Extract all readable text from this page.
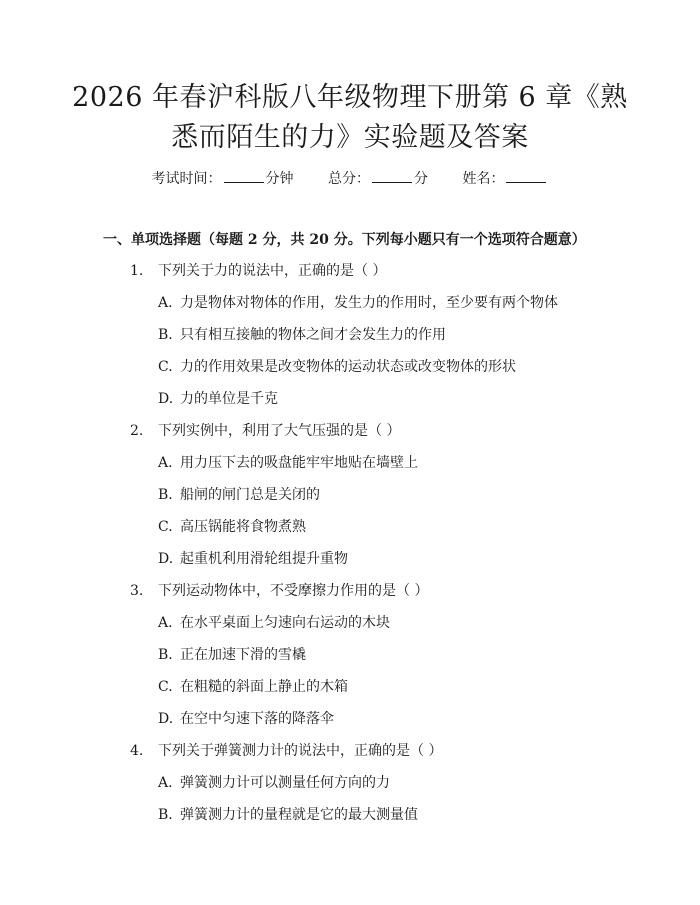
2026 年春沪科版八年级物理下册第 6 章《熟
悉而陌生的力》实验题及答案
考试时间：	分钟 总分：	分 姓名：
一、单项选择题（每题 2 分，共 20 分。下列每小题只有一个选项符合题意）
1. 下列关于力的说法中，正确的是（ ）
A. 力是物体对物体的作用，发生力的作用时，至少要有两个物体
B. 只有相互接触的物体之间才会发生力的作用
C. 力的作用效果是改变物体的运动状态或改变物体的形状
D. 力的单位是千克
2. 下列实例中，利用了大气压强的是（ ）
A. 用力压下去的吸盘能牢牢地贴在墙壁上
B. 船闸的闸门总是关闭的
C. 高压锅能将食物煮熟
D. 起重机利用滑轮组提升重物
3. 下列运动物体中，不受摩擦力作用的是（ ）
A. 在水平桌面上匀速向右运动的木块
B. 正在加速下滑的雪橇
C. 在粗糙的斜面上静止的木箱
D. 在空中匀速下落的降落伞
4. 下列关于弹簧测力计的说法中，正确的是（ ）
A. 弹簧测力计可以测量任何方向的力
B. 弹簧测力计的量程就是它的最大测量值
